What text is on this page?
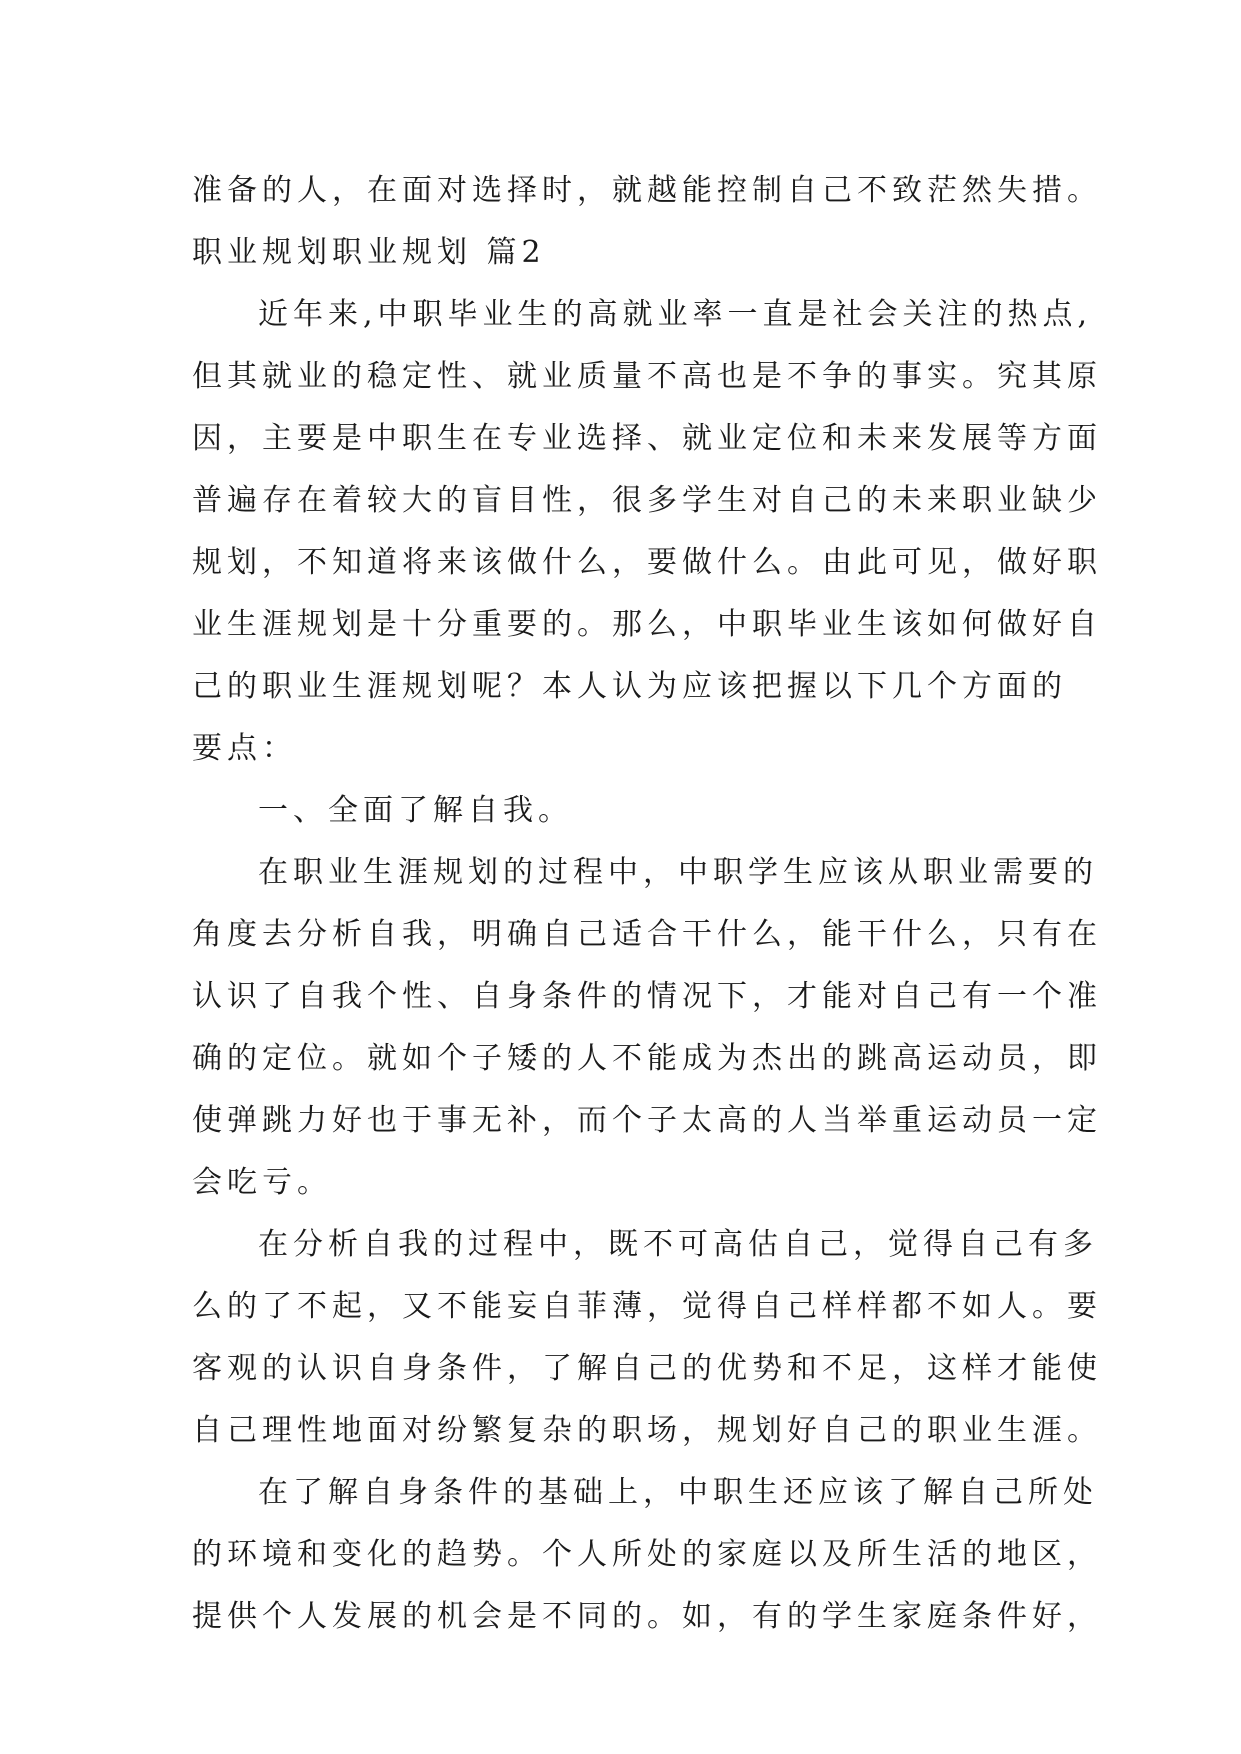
准备的人，在面对选择时，就越能控制自己不致茫然失措。
职业规划职业规划 篇2
近年来,中职毕业生的高就业率一直是社会关注的热点,
但其就业的稳定性、就业质量不高也是不争的事实。究其原
因，主要是中职生在专业选择、就业定位和未来发展等方面
普遍存在着较大的盲目性，很多学生对自己的未来职业缺少
规划，不知道将来该做什么，要做什么。由此可见，做好职
业生涯规划是十分重要的。那么，中职毕业生该如何做好自
己的职业生涯规划呢？本人认为应该把握以下几个方面的
要点：
一、全面了解自我。
在职业生涯规划的过程中，中职学生应该从职业需要的
角度去分析自我，明确自己适合干什么，能干什么，只有在
认识了自我个性、自身条件的情况下，才能对自己有一个准
确的定位。就如个子矮的人不能成为杰出的跳高运动员，即
使弹跳力好也于事无补，而个子太高的人当举重运动员一定
会吃亏。
在分析自我的过程中，既不可高估自己，觉得自己有多
么的了不起，又不能妄自菲薄，觉得自己样样都不如人。要
客观的认识自身条件，了解自己的优势和不足，这样才能使
自己理性地面对纷繁复杂的职场，规划好自己的职业生涯。
在了解自身条件的基础上，中职生还应该了解自己所处
的环境和变化的趋势。个人所处的家庭以及所生活的地区，
提供个人发展的机会是不同的。如，有的学生家庭条件好，
